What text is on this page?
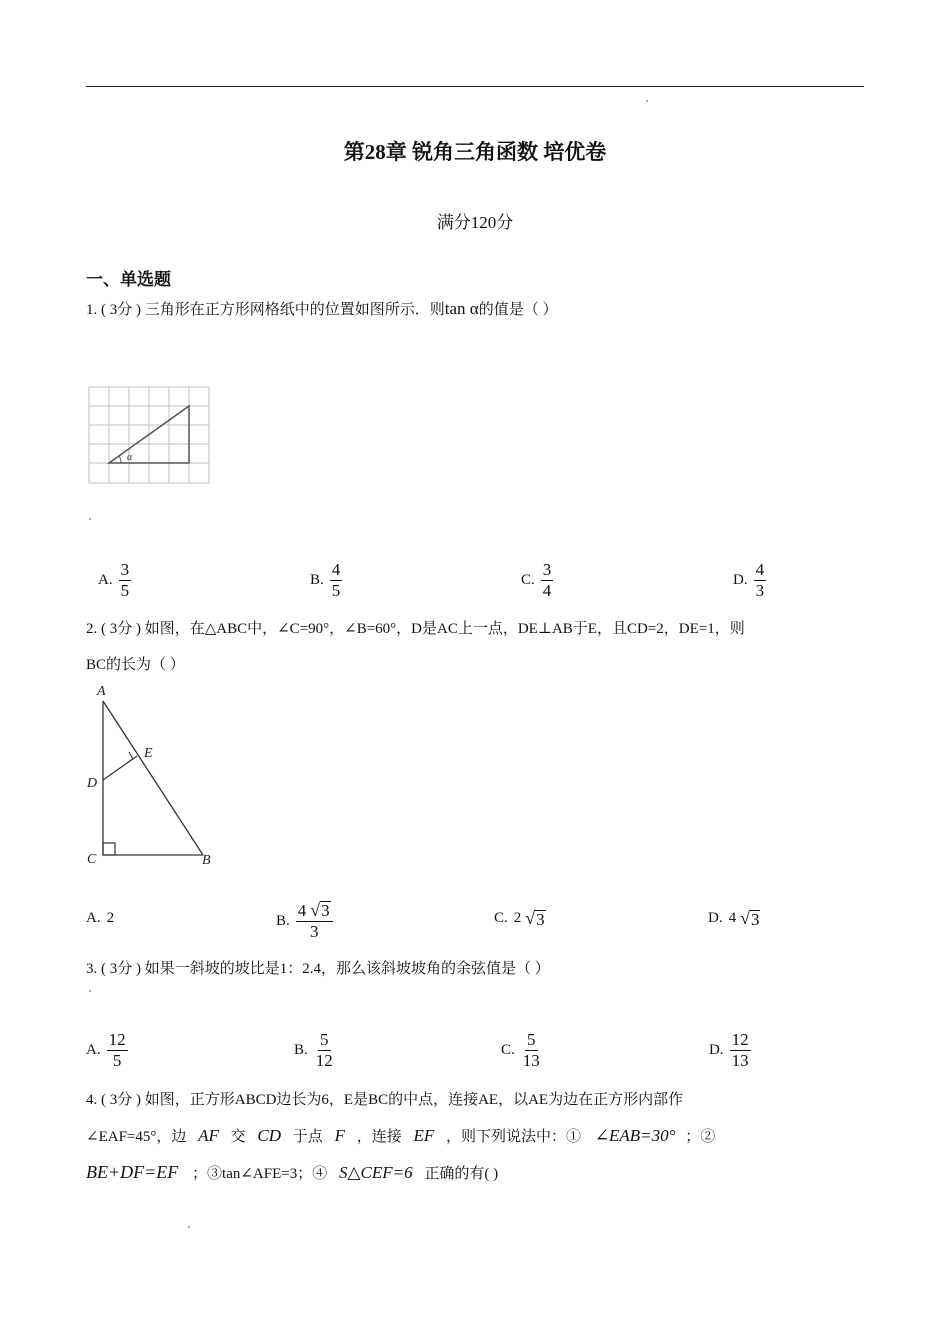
第28章 锐角三角函数 培优卷
满分120分
一、单选题
1. ( 3分 ) 三角形在正方形网格纸中的位置如图所示．则tan α的值是（ ）
α
A. $\frac{3}{5}$	B. $\frac{4}{5}$	C. $\frac{3}{4}$	D. $\frac{4}{3}$
2. ( 3分 ) 如图，在△ABC中，∠C=90°，∠B=60°，D是AC上一点，DE⊥AB于E，且CD=2，DE=1，则
BC的长为（ ）
A
D
E
C	B
A. 2	B. $\frac{4 √ 3}{3}$	C. 2 √ 3	D. 4 √ 3
3. ( 3分 ) 如果一斜坡的坡比是1：2.4，那么该斜坡坡角的余弦值是（ ）
A. $\frac{12}{5}$	B. $\frac{5}{12}$	C. $\frac{5}{13}$	D. $\frac{12}{13}$
4. ( 3分 ) 如图，正方形ABCD边长为6，E是BC的中点，连接AE，以AE为边在正方形内部作
∠EAF=45°，边 AF 交 CD 于点 F ，连接 EF ，则下列说法中：① ∠EAB=30° ；②
BE+DF=EF ；③tan∠AFE=3；④ S△CEF=6 正确的有( )
